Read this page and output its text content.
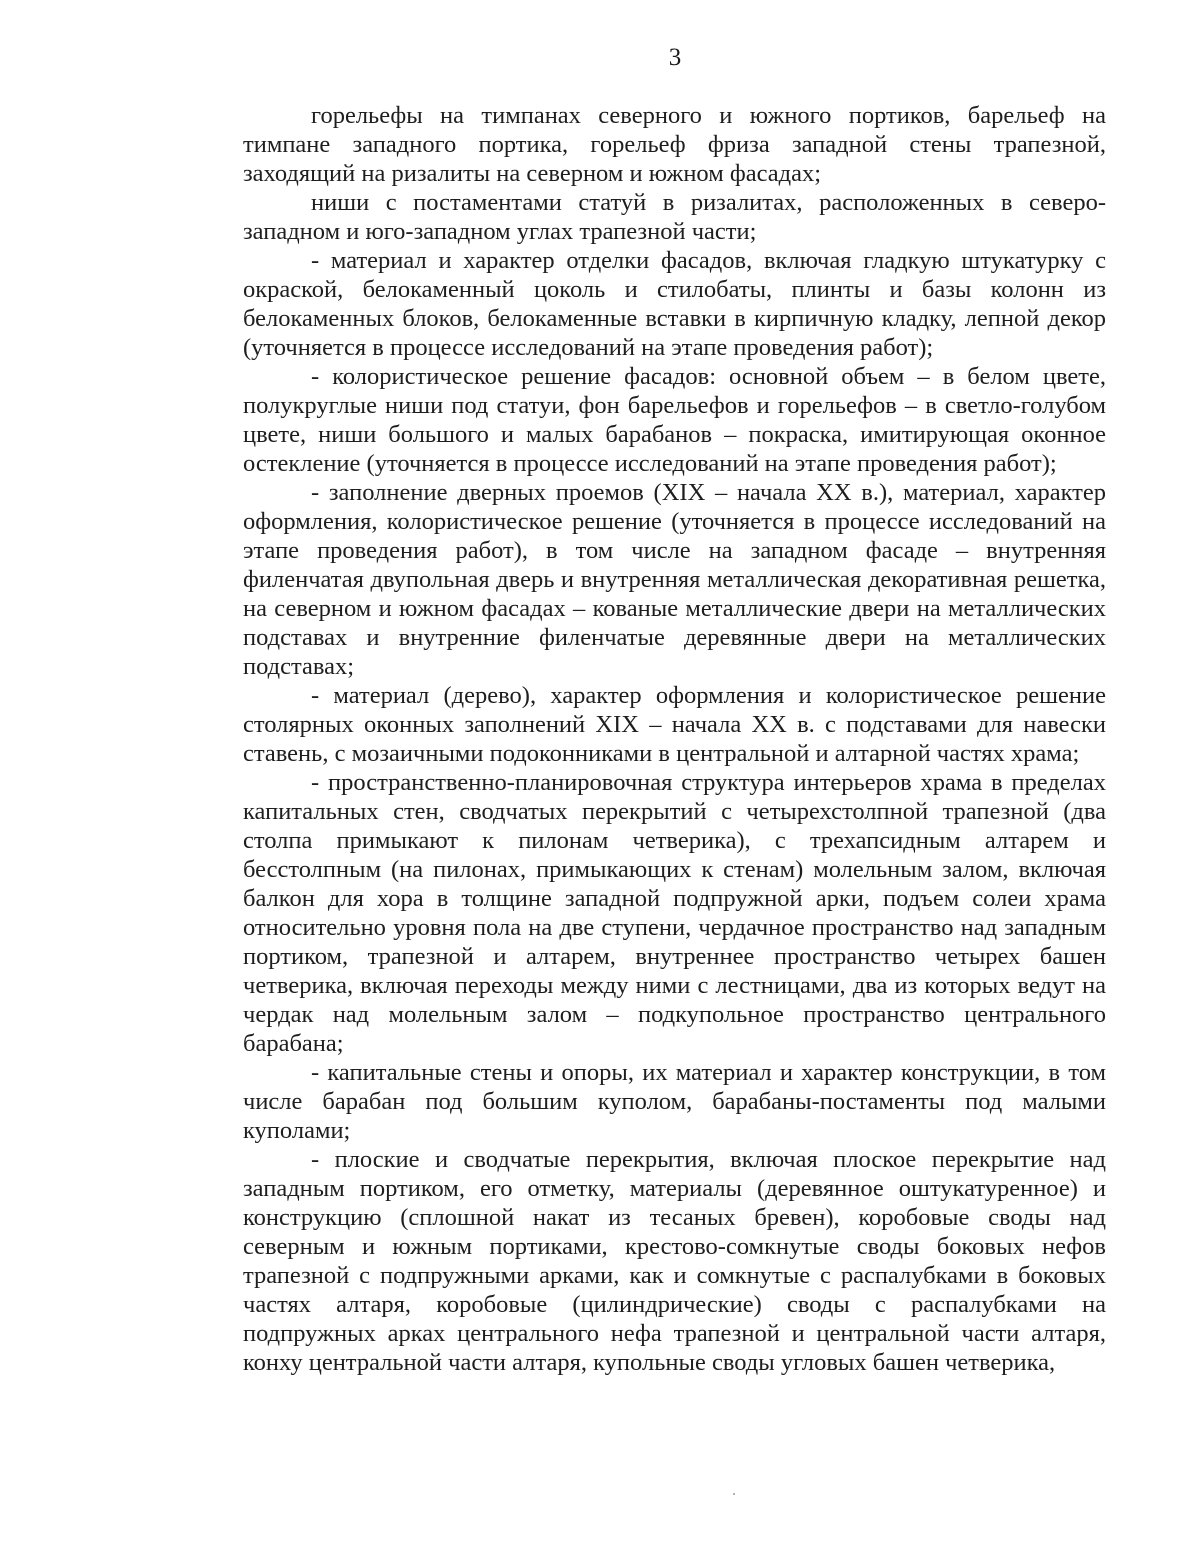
3

горельефы на тимпанах северного и южного портиков, барельеф на тимпане западного портика, горельеф фриза западной стены трапезной, заходящий на ризалиты на северном и южном фасадах;

ниши с постаментами статуй в ризалитах, расположенных в северо-западном и юго-западном углах трапезной части;

- материал и характер отделки фасадов, включая гладкую штукатурку с окраской, белокаменный цоколь и стилобаты, плинты и базы колонн из белокаменных блоков, белокаменные вставки в кирпичную кладку, лепной декор (уточняется в процессе исследований на этапе проведения работ);

- колористическое решение фасадов: основной объем – в белом цвете, полукруглые ниши под статуи, фон барельефов и горельефов – в светло-голубом цвете, ниши большого и малых барабанов – покраска, имитирующая оконное остекление (уточняется в процессе исследований на этапе проведения работ);

- заполнение дверных проемов (XIX – начала XX в.), материал, характер оформления, колористическое решение (уточняется в процессе исследований на этапе проведения работ), в том числе на западном фасаде – внутренняя филенчатая двупольная дверь и внутренняя металлическая декоративная решетка, на северном и южном фасадах – кованые металлические двери на металлических подставах и внутренние филенчатые деревянные двери на металлических подставах;

- материал (дерево), характер оформления и колористическое решение столярных оконных заполнений XIX – начала XX в. с подставами для навески ставень, с мозаичными подоконниками в центральной и алтарной частях храма;

- пространственно-планировочная структура интерьеров храма в пределах капитальных стен, сводчатых перекрытий с четырехстолпной трапезной (два столпа примыкают к пилонам четверика), с трехапсидным алтарем и бесстолпным (на пилонах, примыкающих к стенам) молельным залом, включая балкон для хора в толщине западной подпружной арки, подъем солеи храма относительно уровня пола на две ступени, чердачное пространство над западным портиком, трапезной и алтарем, внутреннее пространство четырех башен четверика, включая переходы между ними с лестницами, два из которых ведут на чердак над молельным залом – подкупольное пространство центрального барабана;

- капитальные стены и опоры, их материал и характер конструкции, в том числе барабан под большим куполом, барабаны-постаменты под малыми куполами;

- плоские и сводчатые перекрытия, включая плоское перекрытие над западным портиком, его отметку, материалы (деревянное оштукатуренное) и конструкцию (сплошной накат из тесаных бревен), коробовые своды над северным и южным портиками, крестово-сомкнутые своды боковых нефов трапезной с подпружными арками, как и сомкнутые с распалубками в боковых частях алтаря, коробовые (цилиндрические) своды с распалубками на подпружных арках центрального нефа трапезной и центральной части алтаря, конху центральной части алтаря, купольные своды угловых башен четверика,
